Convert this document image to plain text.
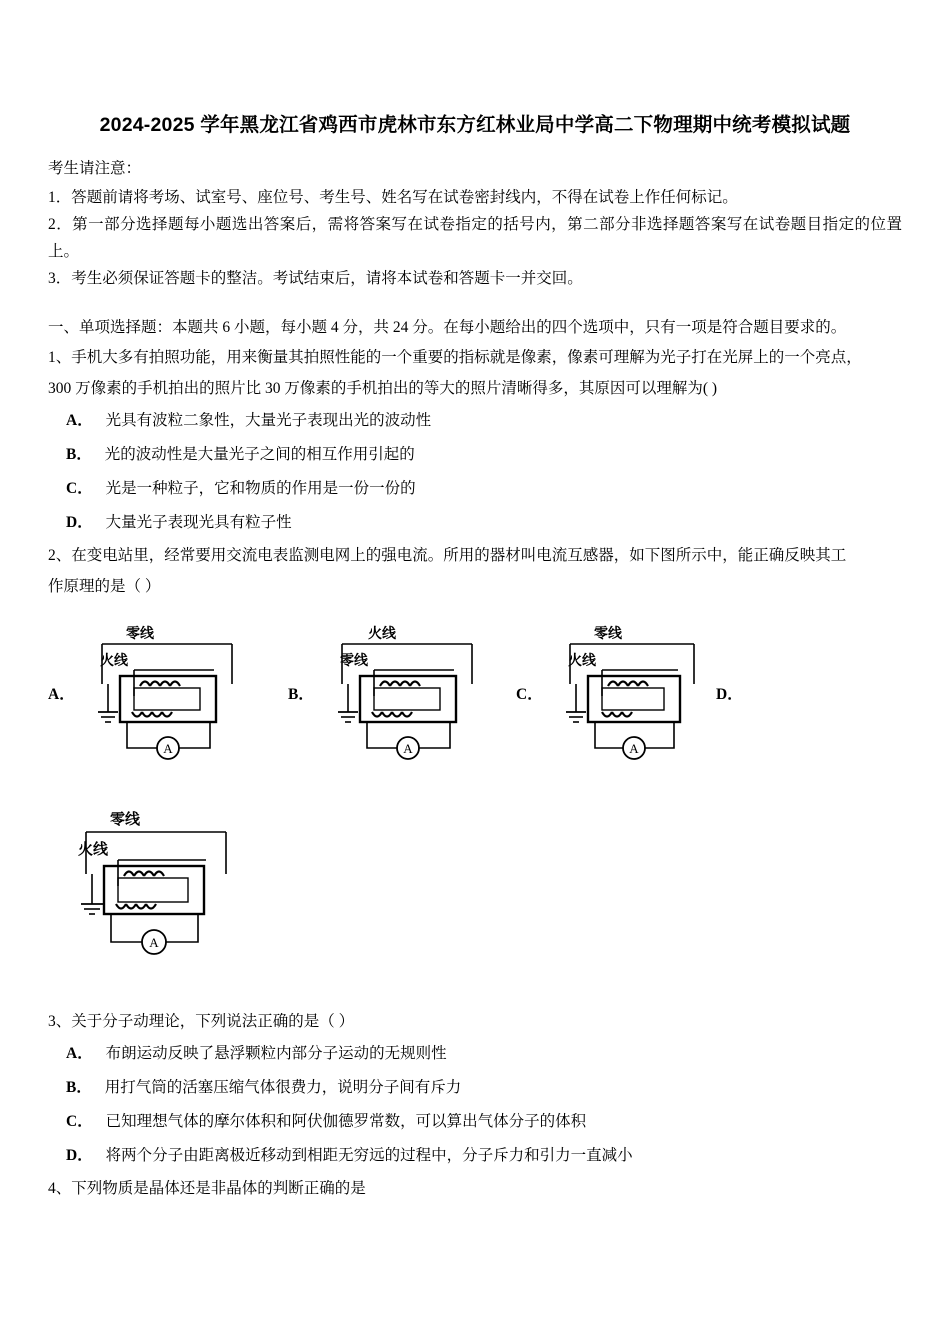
2024-2025 学年黑龙江省鸡西市虎林市东方红林业局中学高二下物理期中统考模拟试题

考生请注意：

1．答题前请将考场、试室号、座位号、考生号、姓名写在试卷密封线内，不得在试卷上作任何标记。

2．第一部分选择题每小题选出答案后，需将答案写在试卷指定的括号内，第二部分非选择题答案写在试卷题目指定的位置上。

3．考生必须保证答题卡的整洁。考试结束后，请将本试卷和答题卡一并交回。

一、单项选择题：本题共 6 小题，每小题 4 分，共 24 分。在每小题给出的四个选项中，只有一项是符合题目要求的。

1、手机大多有拍照功能，用来衡量其拍照性能的一个重要的指标就是像素，像素可理解为光子打在光屏上的一个亮点，

300 万像素的手机拍出的照片比 30 万像素的手机拍出的等大的照片清晰得多，其原因可以理解为( )

A． 光具有波粒二象性，大量光子表现出光的波动性

B． 光的波动性是大量光子之间的相互作用引起的

C． 光是一种粒子，它和物质的作用是一份一份的

D． 大量光子表现光具有粒子性

2、在变电站里，经常要用交流电表监测电网上的强电流。所用的器材叫电流互感器，如下图所示中，能正确反映其工

作原理的是（ ）

A．
零线
火线
A
B．
火线
零线
A
C．
零线
火线
A
D．
零线
火线
A

3、关于分子动理论，下列说法正确的是（ ）

A． 布朗运动反映了悬浮颗粒内部分子运动的无规则性

B． 用打气筒的活塞压缩气体很费力，说明分子间有斥力

C． 已知理想气体的摩尔体积和阿伏伽德罗常数，可以算出气体分子的体积

D． 将两个分子由距离极近移动到相距无穷远的过程中，分子斥力和引力一直减小

4、下列物质是晶体还是非晶体的判断正确的是
